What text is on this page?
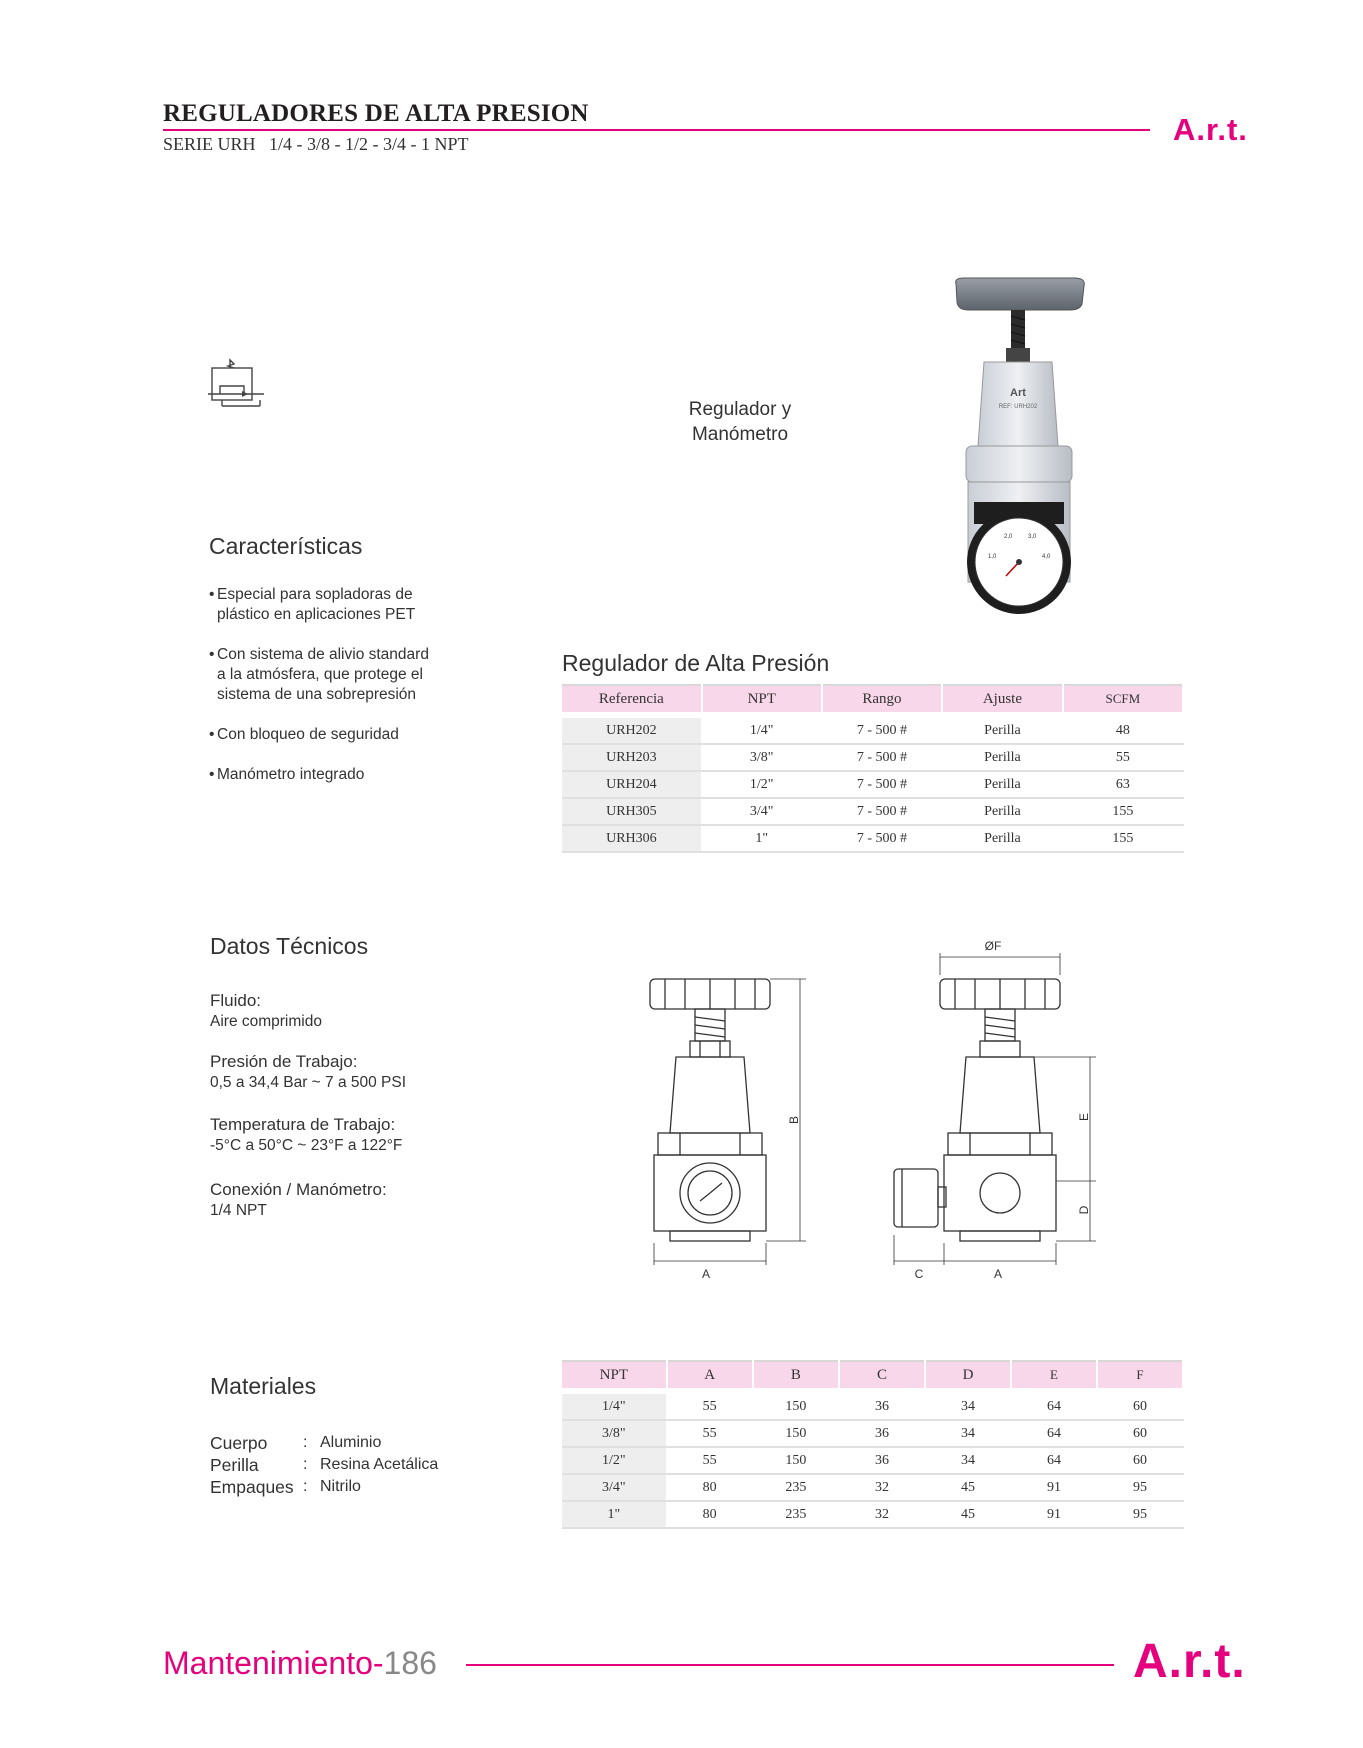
REGULADORES DE ALTA PRESION
SERIE URH   1/4 - 3/8 - 1/2 - 3/4 - 1 NPT	A.r.t.
Regulador y
Manómetro
Art
REF: URH202
1,0
2,0	3,0
4,0
Características
• Especial para sopladoras de
plástico en aplicaciones PET
• Con sistema de alivio standard
a la atmósfera, que protege el
sistema de una sobrepresión
• Con bloqueo de seguridad
• Manómetro integrado
Regulador de Alta Presión
Referencia	NPT	Rango	Ajuste	SCFM

URH202	1/4"	7 - 500 #	Perilla	48
URH203	3/8"	7 - 500 #	Perilla	55
URH204	1/2"	7 - 500 #	Perilla	63
URH305	3/4"	7 - 500 #	Perilla	155
URH306	1"	7 - 500 #	Perilla	155
Datos Técnicos
Fluido:
Aire comprimido
Presión de Trabajo:
0,5 a 34,4 Bar ~ 7 a 500 PSI
Temperatura de Trabajo:
-5°C a 50°C ~ 23°F a 122°F
Conexión / Manómetro:
1/4 NPT
A
B
ØF
E
D
C	A
Materiales
Cuerpo : Aluminio
Perilla	: Resina Acetálica
Empaques : Nitrilo
NPT	A	B	C	D	E	F

1/4"	55	150	36	34	64	60
3/8"	55	150	36	34	64	60
1/2"	55	150	36	34	64	60
3/4"	80	235	32	45	91	95
1"	80	235	32	45	91	95
Mantenimiento-186	A.r.t.
